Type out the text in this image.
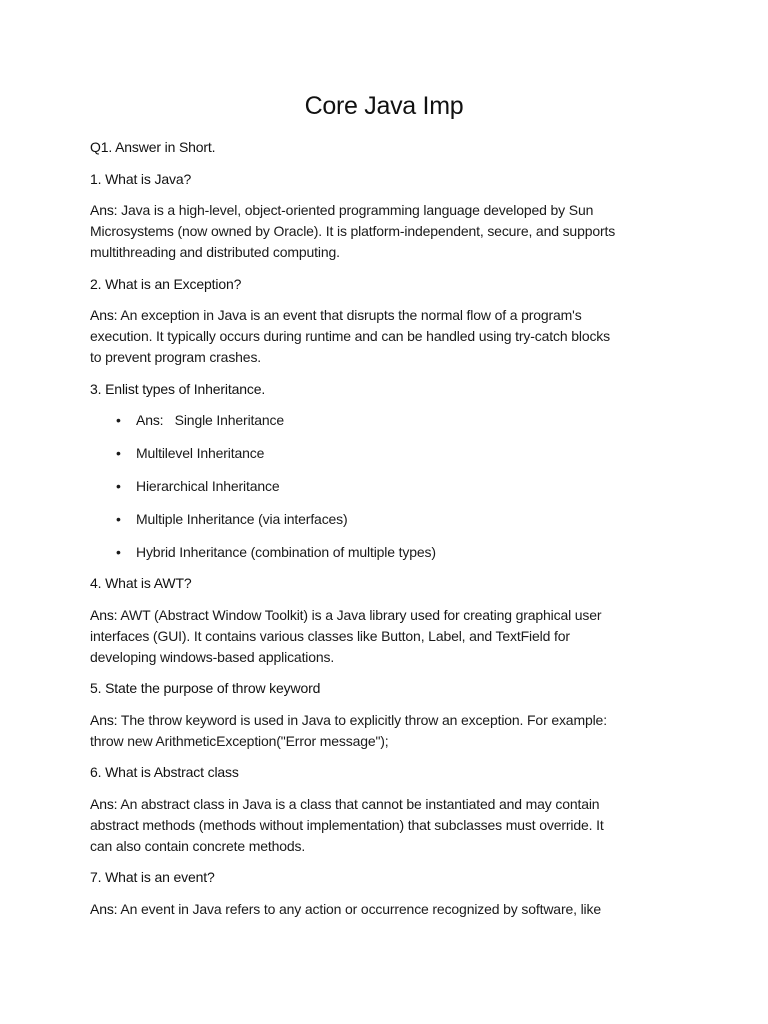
Core Java Imp

Q1. Answer in Short.

1. What is Java?

Ans: Java is a high-level, object-oriented programming language developed by Sun
Microsystems (now owned by Oracle). It is platform-independent, secure, and supports
multithreading and distributed computing.

2. What is an Exception?

Ans: An exception in Java is an event that disrupts the normal flow of a program's
execution. It typically occurs during runtime and can be handled using try-catch blocks
to prevent program crashes.

3. Enlist types of Inheritance.

• Ans: Single Inheritance
• Multilevel Inheritance
• Hierarchical Inheritance
• Multiple Inheritance (via interfaces)
• Hybrid Inheritance (combination of multiple types)

4. What is AWT?

Ans: AWT (Abstract Window Toolkit) is a Java library used for creating graphical user
interfaces (GUI). It contains various classes like Button, Label, and TextField for
developing windows-based applications.

5. State the purpose of throw keyword

Ans: The throw keyword is used in Java to explicitly throw an exception. For example:
throw new ArithmeticException("Error message");

6. What is Abstract class

Ans: An abstract class in Java is a class that cannot be instantiated and may contain
abstract methods (methods without implementation) that subclasses must override. It
can also contain concrete methods.

7. What is an event?

Ans: An event in Java refers to any action or occurrence recognized by software, like
